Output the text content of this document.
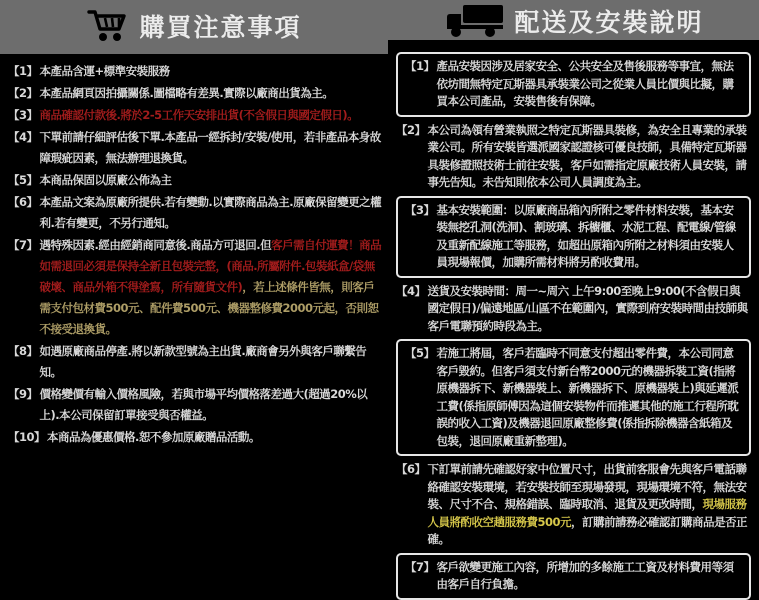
購買注意事項	配送及安裝說明
【1】 本產品含運+標準安裝服務
【2】 本產品網頁因拍攝關係.圖檔略有差異.實際以廠商出貨為主。
【3】 商品確認付款後.將於2-5工作天安排出貨(不含假日與國定假日)。
【4】 下單前請仔細評估後下單.本產品一經拆封/安裝/使用，若非產品本身故障瑕疵因素，無法辦理退換貨。
【5】 本商品保固以原廠公佈為主
【6】 本產品文案為原廠所提供.若有變動.以實際商品為主.原廠保留變更之權利.若有變更，不另行通知。
【7】 遇特殊因素.經由經銷商同意後.商品方可退回.但客戶需自付運費！商品如需退回必須是保持全新且包裝完整，(商品.所屬附件.包裝紙盒/袋無破壞、商品外箱不得塗寫，所有隨貨文件)，若上述條件皆無，則客戶需支付包材費500元、配件費500元、機器整修費2000元起，否則恕不接受退換貨。
【8】 如遇原廠商品停產.將以新款型號為主出貨.廠商會另外與客戶聯繫告知。
【9】 價格變價有輸入價格風險，若與市場平均價格落差過大(超過20%以上).本公司保留訂單接受與否權益。
【10】 本商品為優惠價格.恕不參加原廠贈品活動。
【1】 產品安裝因涉及居家安全、公共安全及售後服務等事宜，無法依坊間無特定瓦斯器具承裝業公司之從業人員比價與比擬，購買本公司產品，安裝售後有保障。
【2】 本公司為領有營業執照之特定瓦斯器具裝修，為安全且專業的承裝業公司。所有安裝皆選派國家認證核可優良技師，具備特定瓦斯器具裝修證照技術士前往安裝，客戶如需指定原廠技術人員安裝，請事先告知。未告知則依本公司人員調度為主。
【3】 基本安裝範圍：以原廠商品箱內所附之零件材料安裝，基本安裝無挖孔洞(洗洞)、割玻璃、拆櫥櫃、水泥工程、配電線/管線及重新配線施工等服務，如超出原箱內所附之材料須由安裝人員現場報價，加購所需材料將另酌收費用。
【4】 送貨及安裝時間：周一~周六 上午9:00至晚上9:00(不含假日與國定假日)/偏遠地區/山區不在範圍內，實際到府安裝時間由技師與客戶電聯預約時段為主。
【5】 若施工將屆，客戶若臨時不同意支付超出零件費，本公司同意客戶毀約。但客戶須支付新台幣2000元的機器拆裝工資(指將原機器拆下、新機器裝上、新機器拆下、原機器裝上)與延遲派工費(係指原師傅因為這個安裝物件而推遲其他的施工行程所耽誤的收入工資)及機器退回原廠整修費(係指拆除機器含紙箱及包裝，退回原廠重新整理)。
【6】 下訂單前請先確認好家中位置尺寸，出貨前客服會先與客戶電話聯絡確認安裝環境，若安裝技師至現場發現，現場環境不符，無法安裝、尺寸不合、規格錯誤、臨時取消、退貨及更改時間，現場服務人員將酌收空趟服務費500元，訂購前請務必確認訂購商品是否正確。
【7】 客戶欲變更施工內容，所增加的多餘施工工資及材料費用等須由客戶自行負擔。
